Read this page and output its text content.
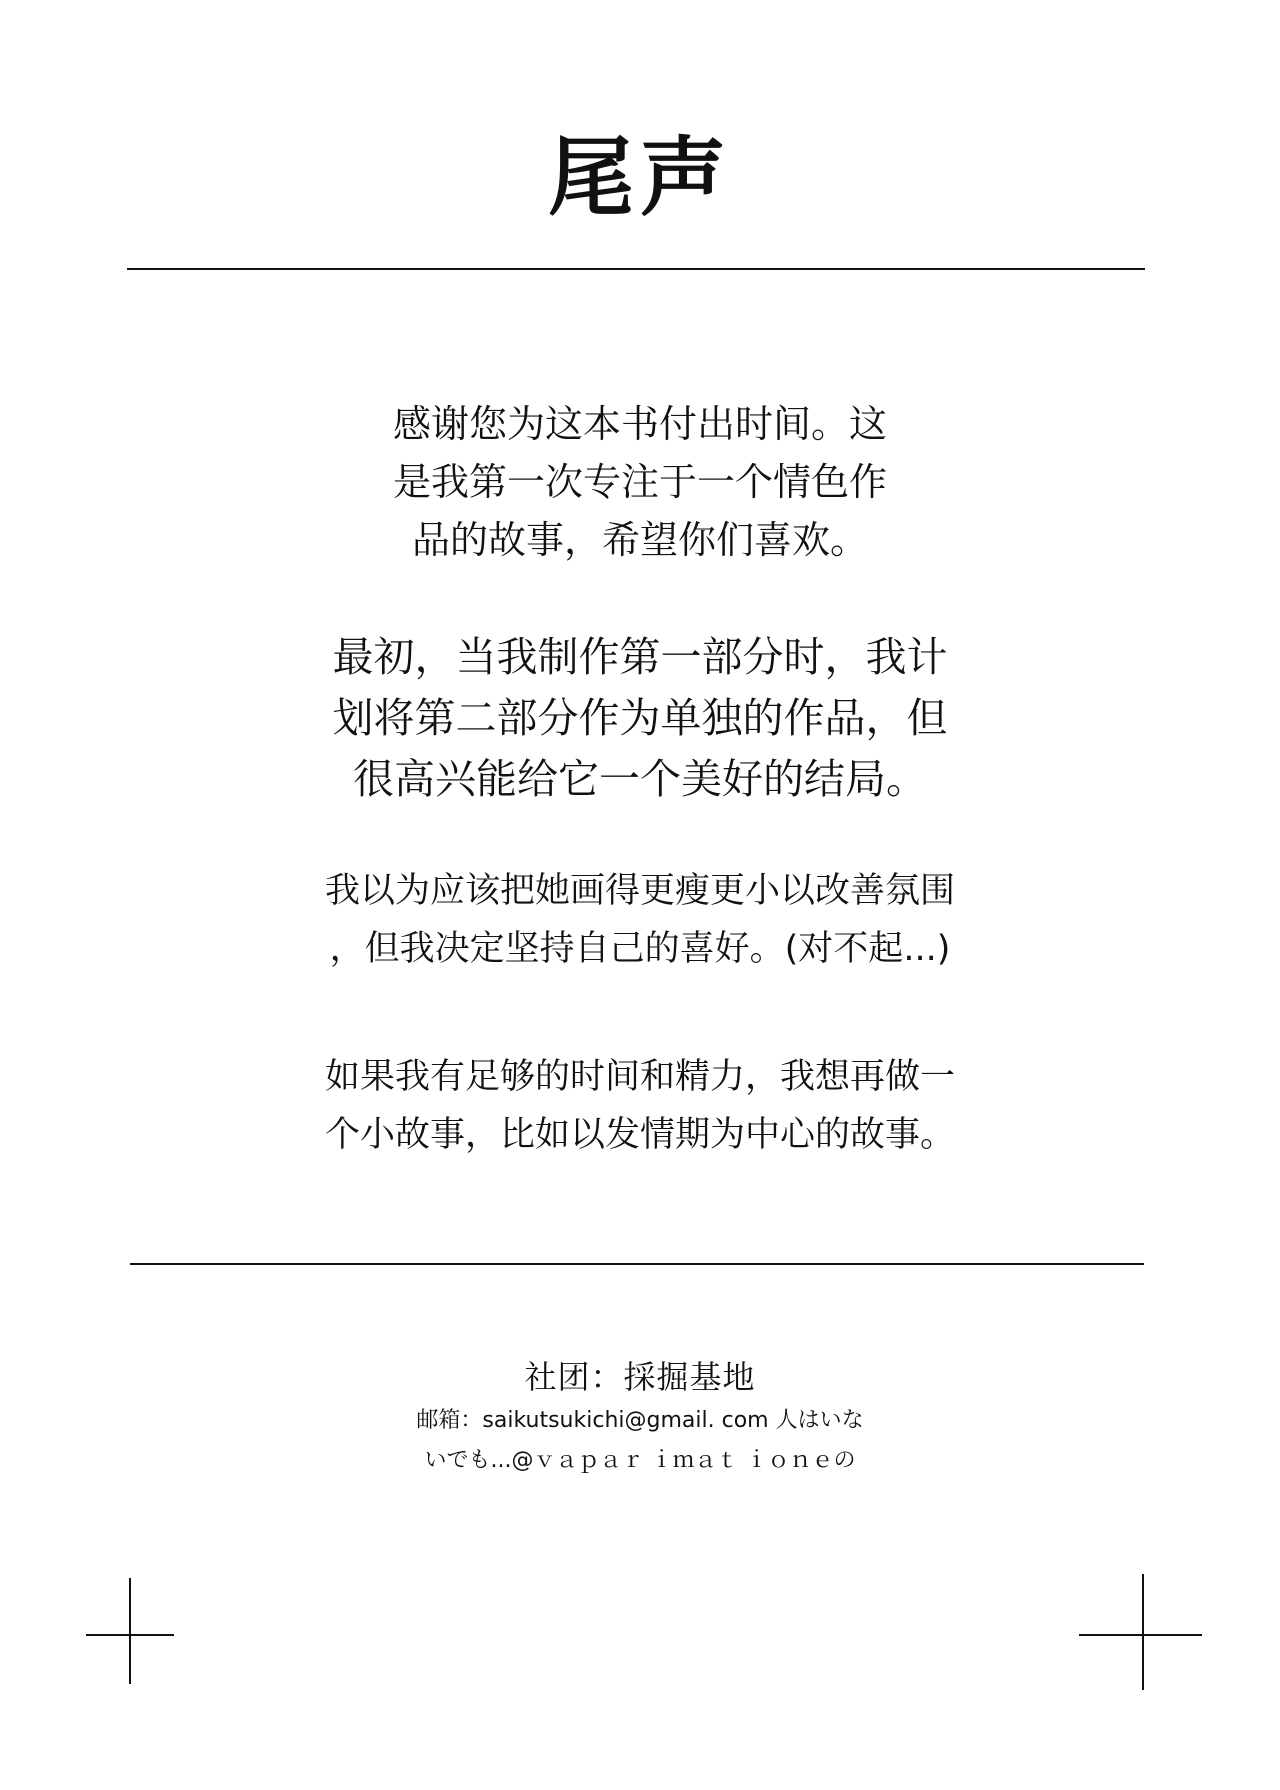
尾声
感谢您为这本书付出时间。这
是我第一次专注于一个情色作
品的故事，希望你们喜欢。
最初，当我制作第一部分时，我计
划将第二部分作为单独的作品，但
很高兴能给它一个美好的结局。
我以为应该把她画得更瘦更小以改善氛围
，但我决定坚持自己的喜好。(对不起...)
如果我有足够的时间和精力，我想再做一
个小故事，比如以发情期为中心的故事。
社团：採掘基地
邮箱：saikutsukichi@gmail. com 人はいな
いでも...@ｖａｐａｒ ｉｍａｔ ｉｏｎｅの
